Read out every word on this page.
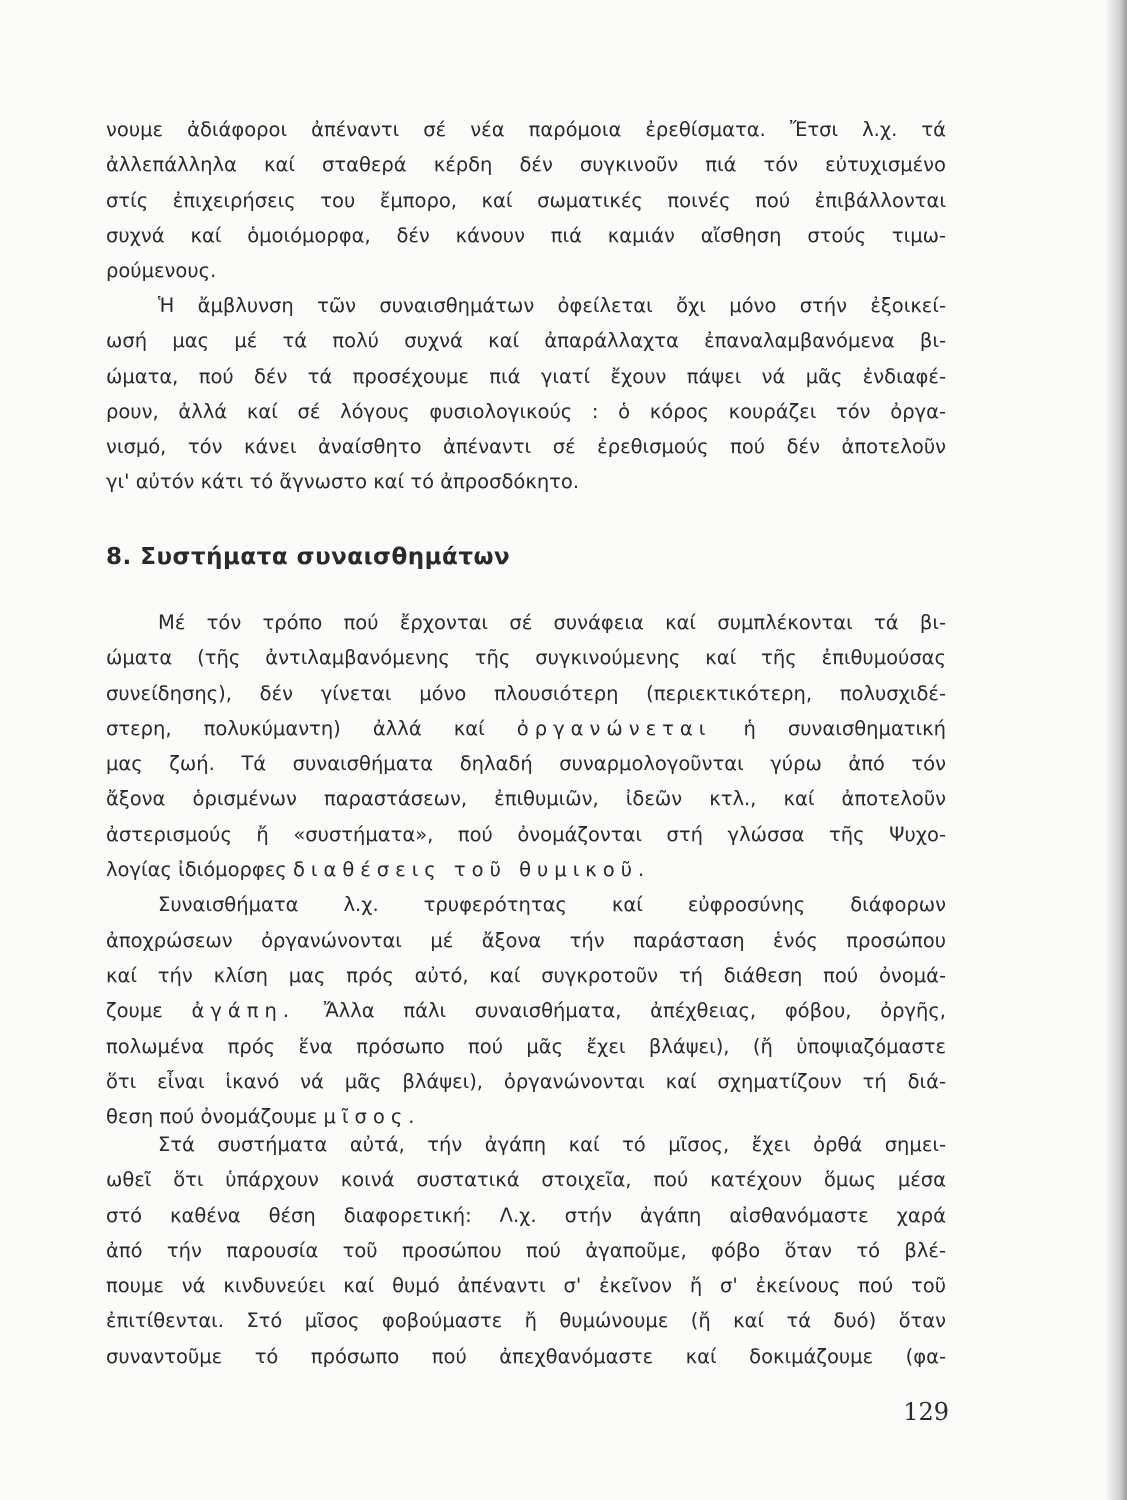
νουμε ἀδιάφοροι ἀπέναντι σέ νέα παρόμοια ἐρεθίσματα. Ἔτσι λ.χ. τά
ἀλλεπάλληλα καί σταθερά κέρδη δέν συγκινοῦν πιά τόν εὐτυχισμένο
στίς ἐπιχειρήσεις του ἔμπορο, καί σωματικές ποινές πού ἐπιβάλλονται
συχνά καί ὁμοιόμορφα, δέν κάνουν πιά καμιάν αἴσθηση στούς τιμω-
ρούμενους.
Ἡ ἄμβλυνση τῶν συναισθημάτων ὀφείλεται ὄχι μόνο στήν ἐξοικεί-
ωσή μας μέ τά πολύ συχνά καί ἀπαράλλαχτα ἐπαναλαμβανόμενα βι-
ώματα, πού δέν τά προσέχουμε πιά γιατί ἔχουν πάψει νά μᾶς ἐνδιαφέ-
ρουν, ἀλλά καί σέ λόγους φυσιολογικούς : ὁ κόρος κουράζει τόν ὀργα-
νισμό, τόν κάνει ἀναίσθητο ἀπέναντι σέ ἐρεθισμούς πού δέν ἀποτελοῦν
γι' αὐτόν κάτι τό ἄγνωστο καί τό ἀπροσδόκητο.
8. Συστήματα συναισθημάτων
Μέ τόν τρόπο πού ἔρχονται σέ συνάφεια καί συμπλέκονται τά βι-
ώματα (τῆς ἀντιλαμβανόμενης τῆς συγκινούμενης καί τῆς ἐπιθυμούσας
συνείδησης), δέν γίνεται μόνο πλουσιότερη (περιεκτικότερη, πολυσχιδέ-
στερη, πολυκύμαντη) ἀλλά καί ὀργανώνεται ἡ συναισθηματική
μας ζωή. Τά συναισθήματα δηλαδή συναρμολογοῦνται γύρω ἀπό τόν
ἄξονα ὁρισμένων παραστάσεων, ἐπιθυμιῶν, ἰδεῶν κτλ., καί ἀποτελοῦν
ἀστερισμούς ἤ «συστήματα», πού ὀνομάζονται στή γλώσσα τῆς Ψυχο-
λογίας ἰδιόμορφες διαθέσεις τοῦ θυμικοῦ.
Συναισθήματα λ.χ. τρυφερότητας καί εὐφροσύνης διάφορων
ἀποχρώσεων ὀργανώνονται μέ ἄξονα τήν παράσταση ἑνός προσώπου
καί τήν κλίση μας πρός αὐτό, καί συγκροτοῦν τή διάθεση πού ὀνομά-
ζουμε ἀγάπη. Ἄλλα πάλι συναισθήματα, ἀπέχθειας, φόβου, ὀργῆς,
πολωμένα πρός ἕνα πρόσωπο πού μᾶς ἔχει βλάψει), (ἤ ὑποψιαζόμαστε
ὅτι εἶναι ἱκανό νά μᾶς βλάψει), ὀργανώνονται καί σχηματίζουν τή διά-
θεση πού ὀνομάζουμε μῖσος.
Στά συστήματα αὐτά, τήν ἀγάπη καί τό μῖσος, ἔχει ὀρθά σημει-
ωθεῖ ὅτι ὑπάρχουν κοινά συστατικά στοιχεῖα, πού κατέχουν ὅμως μέσα
στό καθένα θέση διαφορετική: Λ.χ. στήν ἀγάπη αἰσθανόμαστε χαρά
ἀπό τήν παρουσία τοῦ προσώπου πού ἀγαποῦμε, φόβο ὅταν τό βλέ-
πουμε νά κινδυνεύει καί θυμό ἀπέναντι σ' ἐκεῖνον ἤ σ' ἐκείνους πού τοῦ
ἐπιτίθενται. Στό μῖσος φοβούμαστε ἤ θυμώνουμε (ἤ καί τά δυό) ὅταν
συναντοῦμε τό πρόσωπο πού ἀπεχθανόμαστε καί δοκιμάζουμε (φα-
129
